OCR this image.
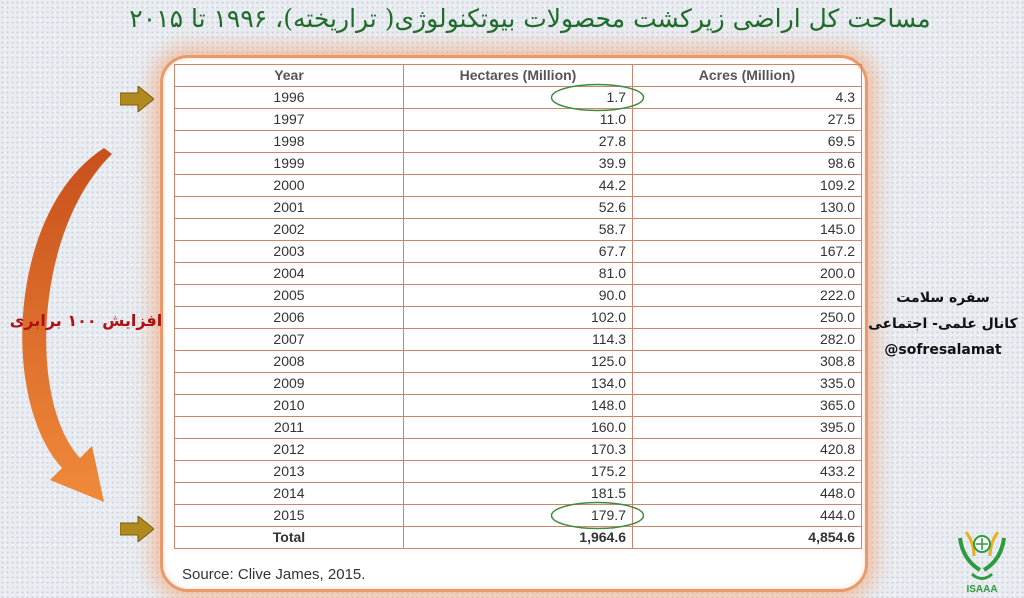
مساحت کل اراضی زیرکشت محصولات بیوتکنولوژی( تراریخته)، ۱۹۹۶ تا ۲۰۱۵
Year	Hectares (Million)	Acres (Million)
1996	1.7	4.3
1997	11.0	27.5
1998	27.8	69.5
1999	39.9	98.6
2000	44.2	109.2
2001	52.6	130.0
2002	58.7	145.0
2003	67.7	167.2
2004	81.0	200.0
2005	90.0	222.0
2006	102.0	250.0
2007	114.3	282.0
2008	125.0	308.8
2009	134.0	335.0
2010	148.0	365.0
2011	160.0	395.0
2012	170.3	420.8
2013	175.2	433.2
2014	181.5	448.0
2015	179.7	444.0
Total	1,964.6	4,854.6
Source: Clive James, 2015.
افزایش ۱۰۰ برابری
سفره سلامت
کانال علمی- اجتماعی
@sofresalamat
ISAAA
